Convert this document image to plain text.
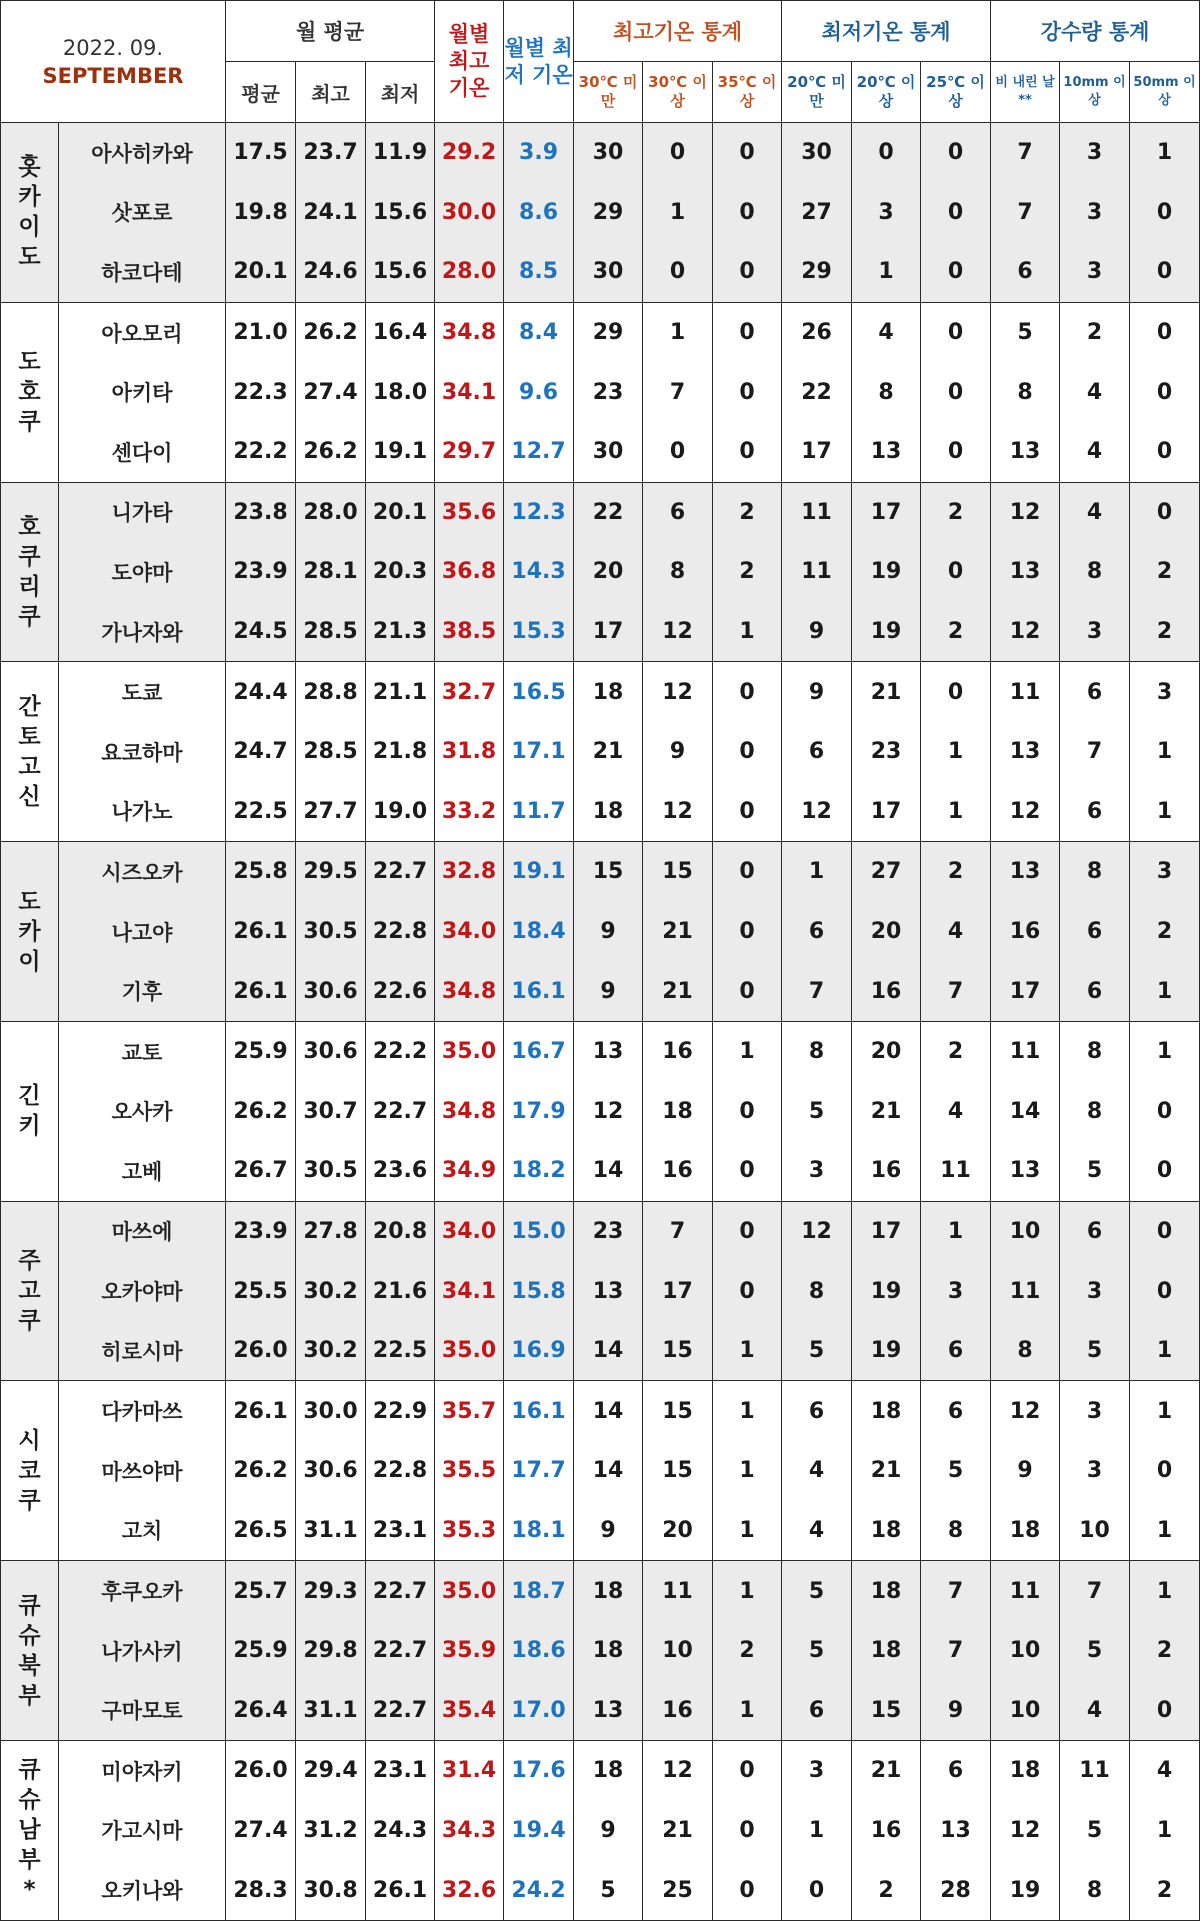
2022. 09.
SEPTEMBER		월 평균			월별 최고 기온	월별 최저 기온	최고기온 통계			최저기온 통계			강수량 통계		
		평균	최고	최저			30℃ 미만	30℃ 이상	35℃ 이상	20℃ 미만	20℃ 이상	25℃ 이상	비 내린 날**	10mm 이상	50mm 이상
홋
카
이
도	아사히카와	17.5	23.7	11.9	29.2	3.9	30	0	0	30	0	0	7	3	1
	삿포로	19.8	24.1	15.6	30.0	8.6	29	1	0	27	3	0	7	3	0
	하코다테	20.1	24.6	15.6	28.0	8.5	30	0	0	29	1	0	6	3	0
도
호
쿠	아오모리	21.0	26.2	16.4	34.8	8.4	29	1	0	26	4	0	5	2	0
	아키타	22.3	27.4	18.0	34.1	9.6	23	7	0	22	8	0	8	4	0
	센다이	22.2	26.2	19.1	29.7	12.7	30	0	0	17	13	0	13	4	0
호
쿠
리
쿠	니가타	23.8	28.0	20.1	35.6	12.3	22	6	2	11	17	2	12	4	0
	도야마	23.9	28.1	20.3	36.8	14.3	20	8	2	11	19	0	13	8	2
	가나자와	24.5	28.5	21.3	38.5	15.3	17	12	1	9	19	2	12	3	2
간
토
고
신	도쿄	24.4	28.8	21.1	32.7	16.5	18	12	0	9	21	0	11	6	3
	요코하마	24.7	28.5	21.8	31.8	17.1	21	9	0	6	23	1	13	7	1
	나가노	22.5	27.7	19.0	33.2	11.7	18	12	0	12	17	1	12	6	1
도
카
이	시즈오카	25.8	29.5	22.7	32.8	19.1	15	15	0	1	27	2	13	8	3
	나고야	26.1	30.5	22.8	34.0	18.4	9	21	0	6	20	4	16	6	2
	기후	26.1	30.6	22.6	34.8	16.1	9	21	0	7	16	7	17	6	1
긴
키	교토	25.9	30.6	22.2	35.0	16.7	13	16	1	8	20	2	11	8	1
	오사카	26.2	30.7	22.7	34.8	17.9	12	18	0	5	21	4	14	8	0
	고베	26.7	30.5	23.6	34.9	18.2	14	16	0	3	16	11	13	5	0
주
고
쿠	마쓰에	23.9	27.8	20.8	34.0	15.0	23	7	0	12	17	1	10	6	0
	오카야마	25.5	30.2	21.6	34.1	15.8	13	17	0	8	19	3	11	3	0
	히로시마	26.0	30.2	22.5	35.0	16.9	14	15	1	5	19	6	8	5	1
시
코
쿠	다카마쓰	26.1	30.0	22.9	35.7	16.1	14	15	1	6	18	6	12	3	1
	마쓰야마	26.2	30.6	22.8	35.5	17.7	14	15	1	4	21	5	9	3	0
	고치	26.5	31.1	23.1	35.3	18.1	9	20	1	4	18	8	18	10	1
큐
슈
북
부	후쿠오카	25.7	29.3	22.7	35.0	18.7	18	11	1	5	18	7	11	7	1
	나가사키	25.9	29.8	22.7	35.9	18.6	18	10	2	5	18	7	10	5	2
	구마모토	26.4	31.1	22.7	35.4	17.0	13	16	1	6	15	9	10	4	0
큐
슈
남
부
*	미야자키	26.0	29.4	23.1	31.4	17.6	18	12	0	3	21	6	18	11	4
	가고시마	27.4	31.2	24.3	34.3	19.4	9	21	0	1	16	13	12	5	1
	오키나와	28.3	30.8	26.1	32.6	24.2	5	25	0	0	2	28	19	8	2
